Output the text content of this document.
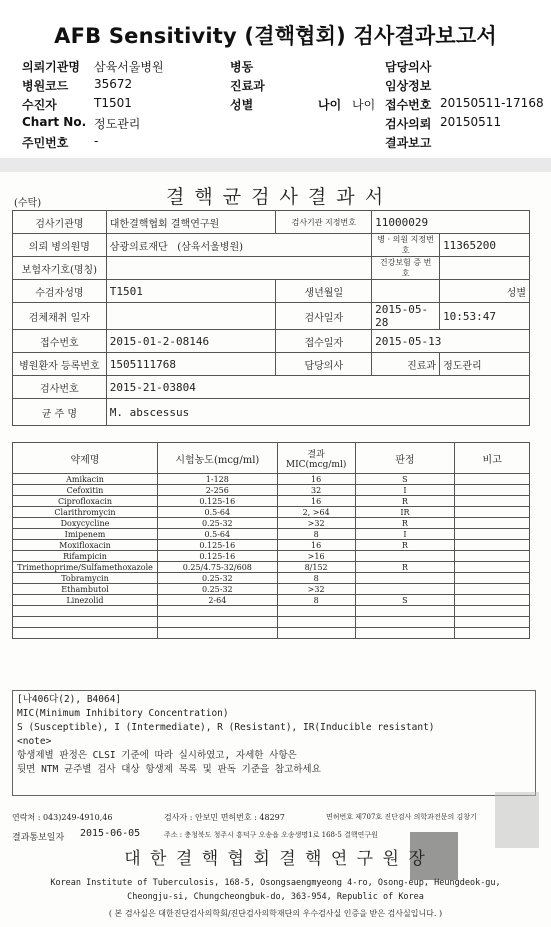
AFB Sensitivity (결핵협회) 검사결과보고서
의뢰기관명 삼육서울병원	병동	담당의사
병원코드 35672	진료과	임상정보
수진자	T1501	성별	나이 나이 접수번호 20150511-17168
Chart No. 정도관리	검사의뢰 20150511
주민번호 -	결과보고
(수탁)	결 핵 균 검 사 결 과 서
검사기관명	대한결핵협회 결핵연구원	검사기관 지정번호	11000029	
의뢰 병의원명	삼광의료재단 (삼육서울병원)		병 · 의원 지정번호	11365200
보험자기호(명칭)			건강보험 증 번 호	
수검자성명	T1501	생년월일		성별
검체채취 일자		검사일자	2015-05-28	10:53:47
접수번호	2015-01-2-08146	접수일자	2015-05-13	
병원환자 등록번호	1505111768	담당의사	진료과	정도관리
검사번호	2015-21-03804			
균 주 명	M. abscessus			
약제명	시험농도(mcg/ml)	결과 MIC(mcg/ml)	판정	비고
Amikacin	1-128	16	S	
Cefoxitin	2-256	32	I	
Ciprofloxacin	0.125-16	16	R	
Clarithromycin	0.5-64	2, >64	IR	
Doxycycline	0.25-32	>32	R	
Imipenem	0.5-64	8	I	
Moxifloxacin	0.125-16	16	R	
Rifampicin	0.125-16	>16		
Trimethoprime/Sulfamethoxazole	0.25/4.75-32/608	8/152	R	
Tobramycin	0.25-32	8		
Ethambutol	0.25-32	>32		
Linezolid	2-64	8	S	

[나406다(2), B4064]
MIC(Minimum Inhibitory Concentration)
S (Susceptible), I (Intermediate), R (Resistant), IR(Inducible resistant)
<note>
항생제별 판정은 CLSI 기준에 따라 실시하였고, 자세한 사항은
뒷면 NTM 균주별 검사 대상 항생제 목록 및 판독 기준을 참고하세요
연락처 : 043)249-4910,46	검사자 : 안보민 면허번호 : 48297	면허번호 제707호 진단검사 의학과전문의 김창기
결과통보일자 2015-06-05	주소 : 충청북도 청주시 흥덕구 오송읍 오송생명1로 168-5 결핵연구원
대 한 결 핵 협 회 결 핵 연 구 원 장
Korean Institute of Tuberculosis, 168-5, Osongsaengmyeong 4-ro, Osong-eup, Heungdeok-gu,
Cheongju-si, Chungcheongbuk-do, 363-954, Republic of Korea
( 본 검사실은 대한진단검사의학회/진단검사의학재단의 우수검사실 인증을 받은 검사실입니다. )
